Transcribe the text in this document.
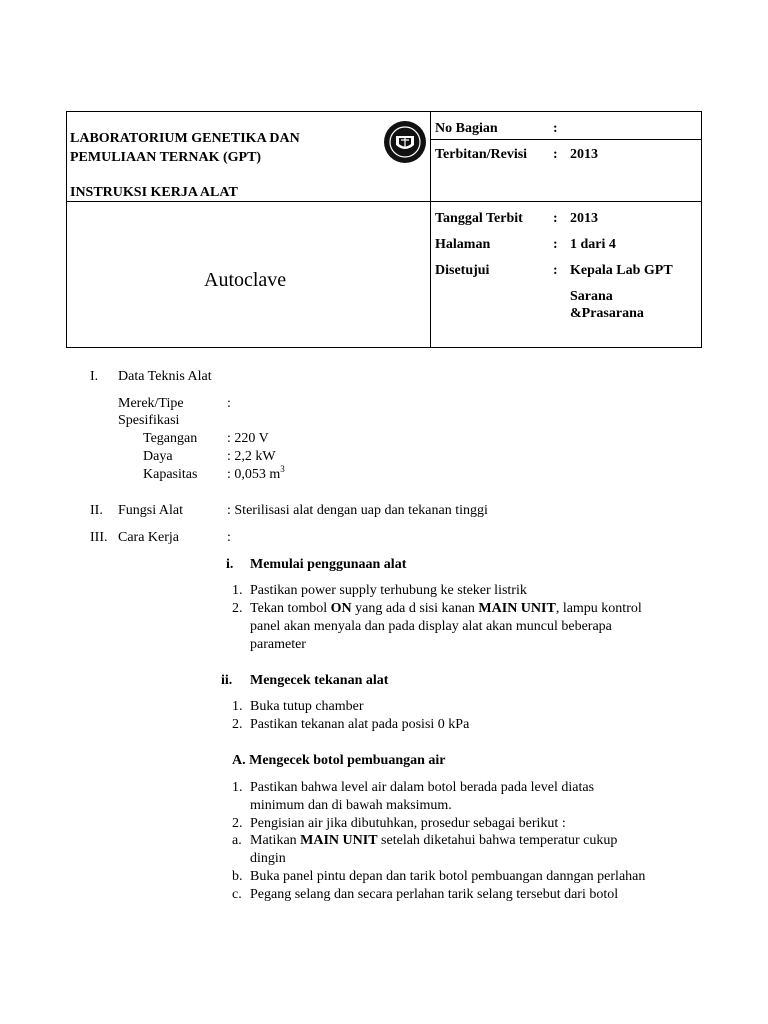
LABORATORIUM GENETIKA DAN
PEMULIAAN TERNAK (GPT)
INSTRUKSI KERJA ALAT
Autoclave
No Bagian	:
Terbitan/Revisi : 2013
Tanggal Terbit : 2013
Halaman	: 1 dari 4
Disetujui	: Kepala Lab GPT
Sarana
&Prasarana
I. Data Teknis Alat
Merek/Tipe	:
Spesifikasi
Tegangan : 220 V
Daya	: 2,2 kW
Kapasitas : 0,053 $m^3$
II. Fungsi Alat	: Sterilisasi alat dengan uap dan tekanan tinggi
III. Cara Kerja	:
i. Memulai penggunaan alat
1. Pastikan power supply terhubung ke steker listrik
2. Tekan tombol ON yang ada d sisi kanan MAIN UNIT, lampu kontrol
panel akan menyala dan pada display alat akan muncul beberapa
parameter
ii. Mengecek tekanan alat
1. Buka tutup chamber
2. Pastikan tekanan alat pada posisi 0 kPa
A. Mengecek botol pembuangan air
1. Pastikan bahwa level air dalam botol berada pada level diatas
minimum dan di bawah maksimum.
2. Pengisian air jika dibutuhkan, prosedur sebagai berikut :
a. Matikan MAIN UNIT setelah diketahui bahwa temperatur cukup
dingin
b. Buka panel pintu depan dan tarik botol pembuangan danngan perlahan
c. Pegang selang dan secara perlahan tarik selang tersebut dari botol
